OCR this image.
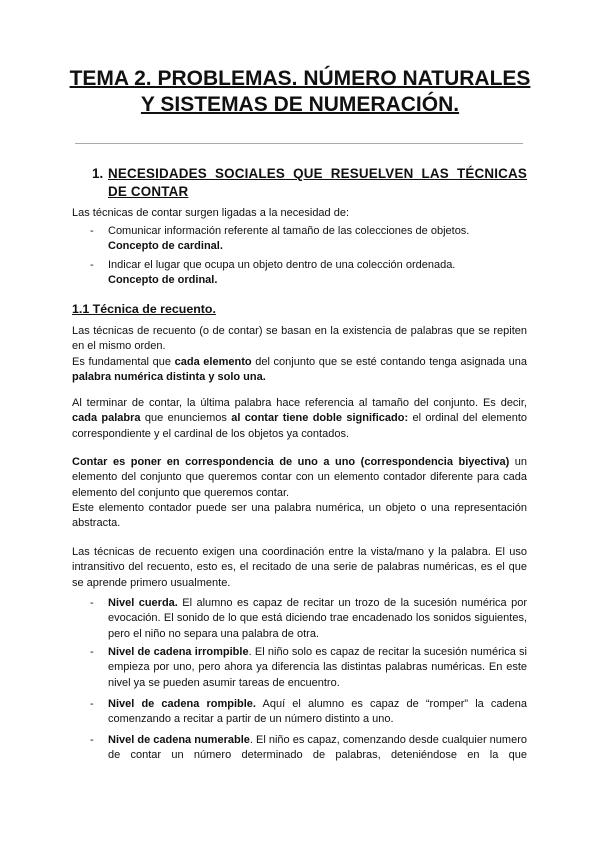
TEMA 2. PROBLEMAS. NÚMERO NATURALES
Y SISTEMAS DE NUMERACIÓN.
1. NECESIDADES SOCIALES QUE RESUELVEN LAS TÉCNICAS DE CONTAR
Las técnicas de contar surgen ligadas a la necesidad de:
- Comunicar información referente al tamaño de las colecciones de objetos.
Concepto de cardinal.
- Indicar el lugar que ocupa un objeto dentro de una colección ordenada.
Concepto de ordinal.
1.1 Técnica de recuento.
Las técnicas de recuento (o de contar) se basan en la existencia de palabras que se repiten en el mismo orden.
Es fundamental que cada elemento del conjunto que se esté contando tenga asignada una palabra numérica distinta y solo una.
Al terminar de contar, la última palabra hace referencia al tamaño del conjunto. Es decir, cada palabra que enunciemos al contar tiene doble significado: el ordinal del elemento correspondiente y el cardinal de los objetos ya contados.
Contar es poner en correspondencia de uno a uno (correspondencia biyectiva) un elemento del conjunto que queremos contar con un elemento contador diferente para cada elemento del conjunto que queremos contar.
Este elemento contador puede ser una palabra numérica, un objeto o una representación abstracta.
Las técnicas de recuento exigen una coordinación entre la vista/mano y la palabra. El uso intransitivo del recuento, esto es, el recitado de una serie de palabras numéricas, es el que se aprende primero usualmente.
- Nivel cuerda. El alumno es capaz de recitar un trozo de la sucesión numérica por evocación. El sonido de lo que está diciendo trae encadenado los sonidos siguientes, pero el niño no separa una palabra de otra.
- Nivel de cadena irrompible. El niño solo es capaz de recitar la sucesión numérica si empieza por uno, pero ahora ya diferencia las distintas palabras numéricas. En este nivel ya se pueden asumir tareas de encuentro.
- Nivel de cadena rompible. Aquí el alumno es capaz de “romper” la cadena comenzando a recitar a partir de un número distinto a uno.
- Nivel de cadena numerable. El niño es capaz, comenzando desde cualquier numero de contar un número determinado de palabras, deteniéndose en la que
